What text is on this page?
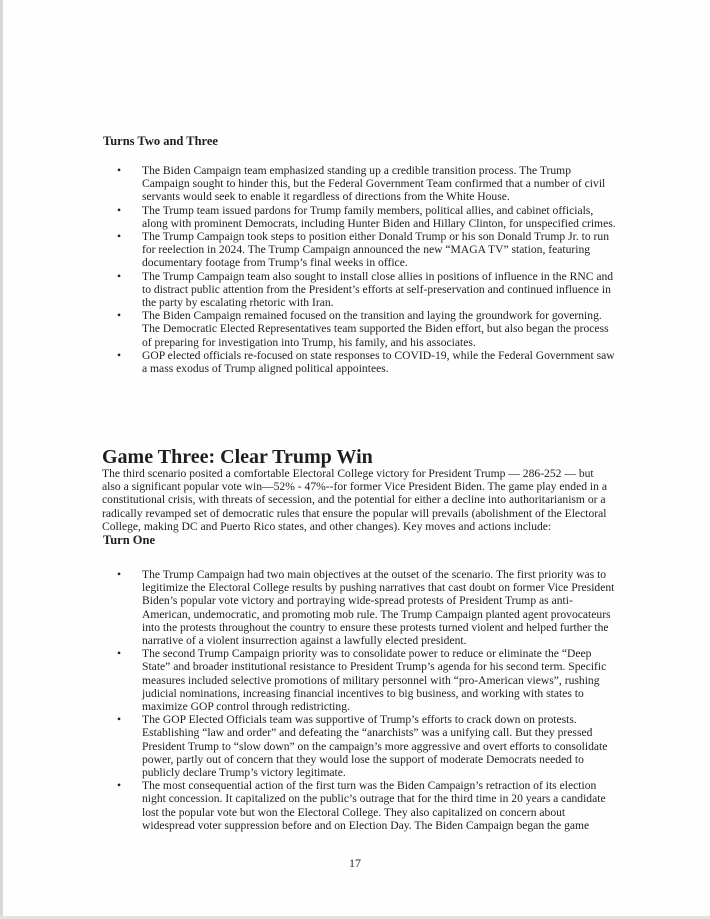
Turns Two and Three
• The Biden Campaign team emphasized standing up a credible transition process. The Trump Campaign sought to hinder this, but the Federal Government Team confirmed that a number of civil servants would seek to enable it regardless of directions from the White House.
• The Trump team issued pardons for Trump family members, political allies, and cabinet officials, along with prominent Democrats, including Hunter Biden and Hillary Clinton, for unspecified crimes.
• The Trump Campaign took steps to position either Donald Trump or his son Donald Trump Jr. to run for reelection in 2024. The Trump Campaign announced the new “MAGA TV” station, featuring documentary footage from Trump’s final weeks in office.
• The Trump Campaign team also sought to install close allies in positions of influence in the RNC and to distract public attention from the President’s efforts at self-preservation and continued influence in the party by escalating rhetoric with Iran.
• The Biden Campaign remained focused on the transition and laying the groundwork for governing. The Democratic Elected Representatives team supported the Biden effort, but also began the process of preparing for investigation into Trump, his family, and his associates.
• GOP elected officials re-focused on state responses to COVID-19, while the Federal Government saw a mass exodus of Trump aligned political appointees.
Game Three: Clear Trump Win

The third scenario posited a comfortable Electoral College victory for President Trump — 286-252 — but also a significant popular vote win—52% - 47%--for former Vice President Biden. The game play ended in a constitutional crisis, with threats of secession, and the potential for either a decline into authoritarianism or a radically revamped set of democratic rules that ensure the popular will prevails (abolishment of the Electoral College, making DC and Puerto Rico states, and other changes). Key moves and actions include:

Turn One
• The Trump Campaign had two main objectives at the outset of the scenario. The first priority was to legitimize the Electoral College results by pushing narratives that cast doubt on former Vice President Biden’s popular vote victory and portraying wide-spread protests of President Trump as anti-American, undemocratic, and promoting mob rule. The Trump Campaign planted agent provocateurs into the protests throughout the country to ensure these protests turned violent and helped further the narrative of a violent insurrection against a lawfully elected president.
• The second Trump Campaign priority was to consolidate power to reduce or eliminate the “Deep State” and broader institutional resistance to President Trump’s agenda for his second term. Specific measures included selective promotions of military personnel with “pro-American views”, rushing judicial nominations, increasing financial incentives to big business, and working with states to maximize GOP control through redistricting.
• The GOP Elected Officials team was supportive of Trump’s efforts to crack down on protests. Establishing “law and order” and defeating the “anarchists” was a unifying call. But they pressed President Trump to “slow down” on the campaign’s more aggressive and overt efforts to consolidate power, partly out of concern that they would lose the support of moderate Democrats needed to publicly declare Trump’s victory legitimate.
• The most consequential action of the first turn was the Biden Campaign’s retraction of its election night concession. It capitalized on the public’s outrage that for the third time in 20 years a candidate lost the popular vote but won the Electoral College. They also capitalized on concern about widespread voter suppression before and on Election Day. The Biden Campaign began the game
17
